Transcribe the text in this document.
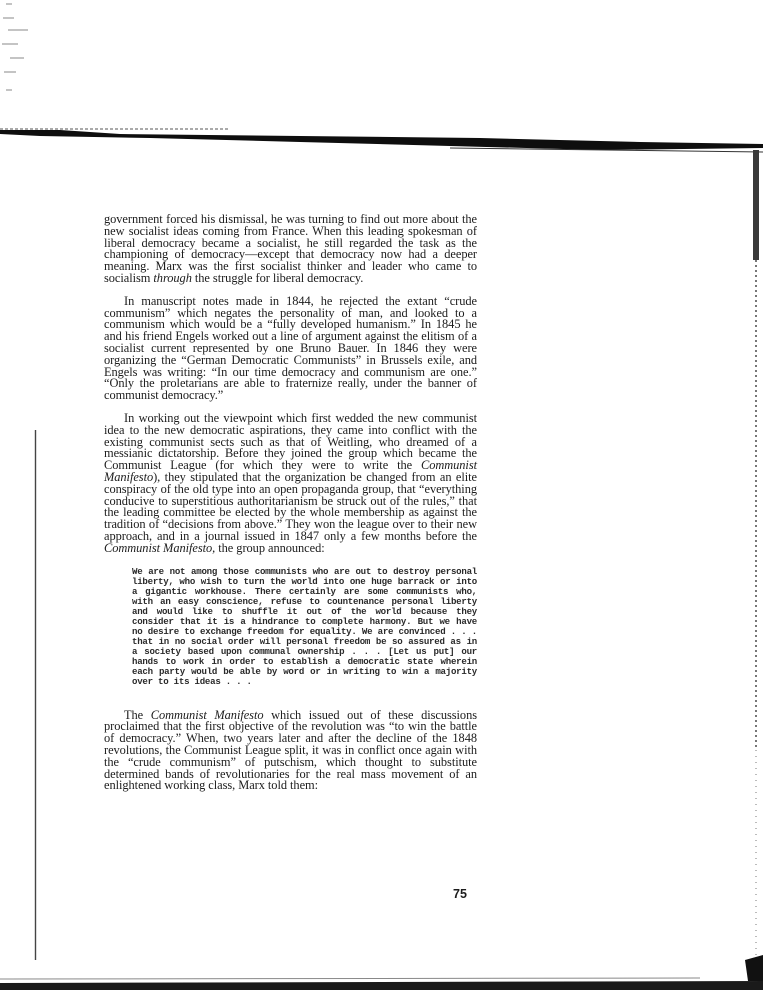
government forced his dismissal, he was turning to find out more about the new socialist ideas coming from France. When this leading spokesman of liberal democracy became a socialist, he still regarded the task as the championing of democracy—except that democracy now had a deeper meaning. Marx was the first socialist thinker and leader who came to socialism through the struggle for liberal democracy.

In manuscript notes made in 1844, he rejected the extant “crude communism” which negates the personality of man, and looked to a communism which would be a “fully developed humanism.” In 1845 he and his friend Engels worked out a line of argument against the elitism of a socialist current represented by one Bruno Bauer. In 1846 they were organizing the “German Democratic Communists” in Brussels exile, and Engels was writing: “In our time democracy and communism are one.” “Only the proletarians are able to fraternize really, under the banner of communist democracy.”

In working out the viewpoint which first wedded the new communist idea to the new democratic aspirations, they came into conflict with the existing communist sects such as that of Weitling, who dreamed of a messianic dictatorship. Before they joined the group which became the Communist League (for which they were to write the Communist Manifesto), they stipulated that the organization be changed from an elite conspiracy of the old type into an open propaganda group, that “everything conducive to superstitious authoritarianism be struck out of the rules,” that the leading committee be elected by the whole membership as against the tradition of “decisions from above.” They won the league over to their new approach, and in a journal issued in 1847 only a few months before the Communist Manifesto, the group announced:

We are not among those communists who are out to destroy personal liberty, who wish to turn the world into one huge barrack or into a gigantic workhouse. There certainly are some communists who, with an easy conscience, refuse to countenance personal liberty and would like to shuffle it out of the world because they consider that it is a hindrance to complete harmony. But we have no desire to exchange freedom for equality. We are convinced . . . that in no social order will personal freedom be so assured as in a society based upon communal ownership . . . [Let us put] our hands to work in order to establish a democratic state wherein each party would be able by word or in writing to win a majority over to its ideas . . .

The Communist Manifesto which issued out of these discussions proclaimed that the first objective of the revolution was “to win the battle of democracy.” When, two years later and after the decline of the 1848 revolutions, the Communist League split, it was in conflict once again with the “crude communism” of putschism, which thought to substitute determined bands of revolutionaries for the real mass movement of an enlightened working class, Marx told them:

75
